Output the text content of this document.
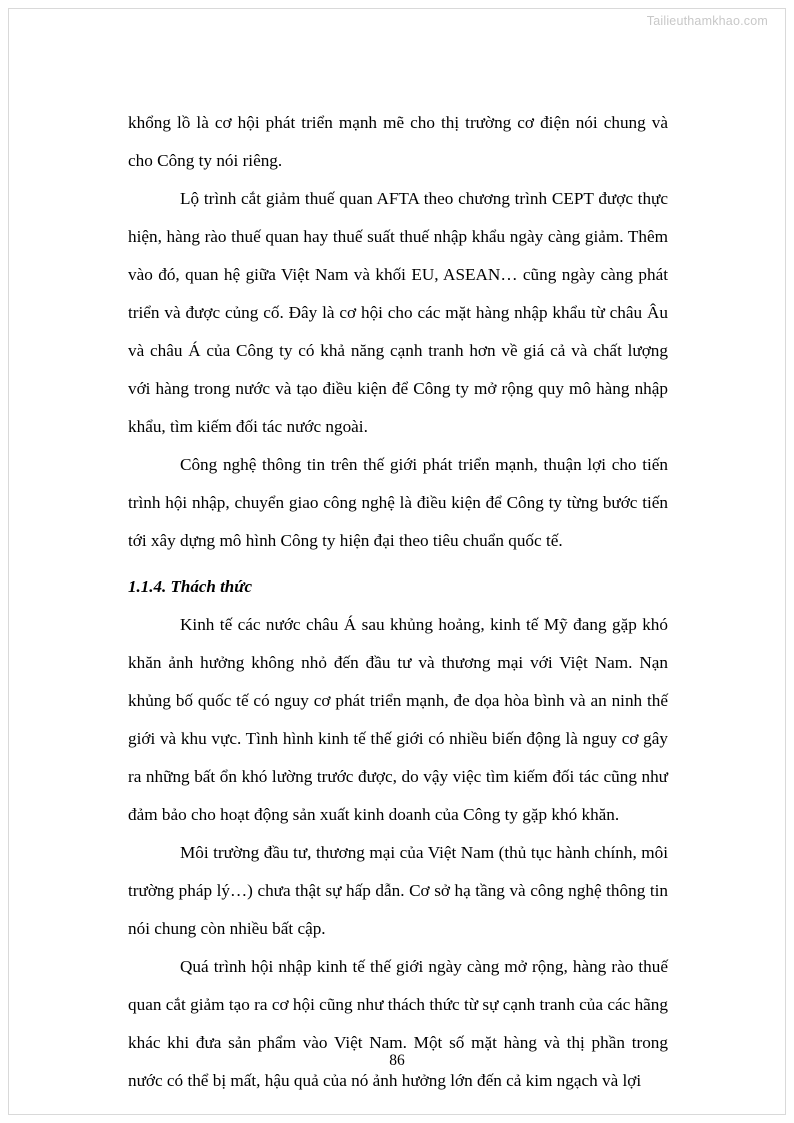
Tailieuthamkhao.com

khổng lồ là cơ hội phát triển mạnh mẽ cho thị trường cơ điện nói chung và cho Công ty nói riêng.

Lộ trình cắt giảm thuế quan AFTA theo chương trình CEPT được thực hiện, hàng rào thuế quan hay thuế suất thuế nhập khẩu ngày càng giảm. Thêm vào đó, quan hệ giữa Việt Nam và khối EU, ASEAN… cũng ngày càng phát triển và được củng cố. Đây là cơ hội cho các mặt hàng nhập khẩu từ châu Âu và châu Á của Công ty có khả năng cạnh tranh hơn về giá cả và chất lượng với hàng trong nước và tạo điều kiện để Công ty mở rộng quy mô hàng nhập khẩu, tìm kiếm đối tác nước ngoài.

Công nghệ thông tin trên thế giới phát triển mạnh, thuận lợi cho tiến trình hội nhập, chuyển giao công nghệ là điều kiện để Công ty từng bước tiến tới xây dựng mô hình Công ty hiện đại theo tiêu chuẩn quốc tế.

1.1.4. Thách thức

Kinh tế các nước châu Á sau khủng hoảng, kinh tế Mỹ đang gặp khó khăn ảnh hưởng không nhỏ đến đầu tư và thương mại với Việt Nam. Nạn khủng bố quốc tế có nguy cơ phát triển mạnh, đe dọa hòa bình và an ninh thế giới và khu vực. Tình hình kinh tế thế giới có nhiều biến động là nguy cơ gây ra những bất ổn khó lường trước được, do vậy việc tìm kiếm đối tác cũng như đảm bảo cho hoạt động sản xuất kinh doanh của Công ty gặp khó khăn.

Môi trường đầu tư, thương mại của Việt Nam (thủ tục hành chính, môi trường pháp lý…) chưa thật sự hấp dẫn. Cơ sở hạ tầng và công nghệ thông tin nói chung còn nhiều bất cập.

Quá trình hội nhập kinh tế thế giới ngày càng mở rộng, hàng rào thuế quan cắt giảm tạo ra cơ hội cũng như thách thức từ sự cạnh tranh của các hãng khác khi đưa sản phẩm vào Việt Nam. Một số mặt hàng và thị phần trong nước có thể bị mất, hậu quả của nó ảnh hưởng lớn đến cả kim ngạch và lợi

86
